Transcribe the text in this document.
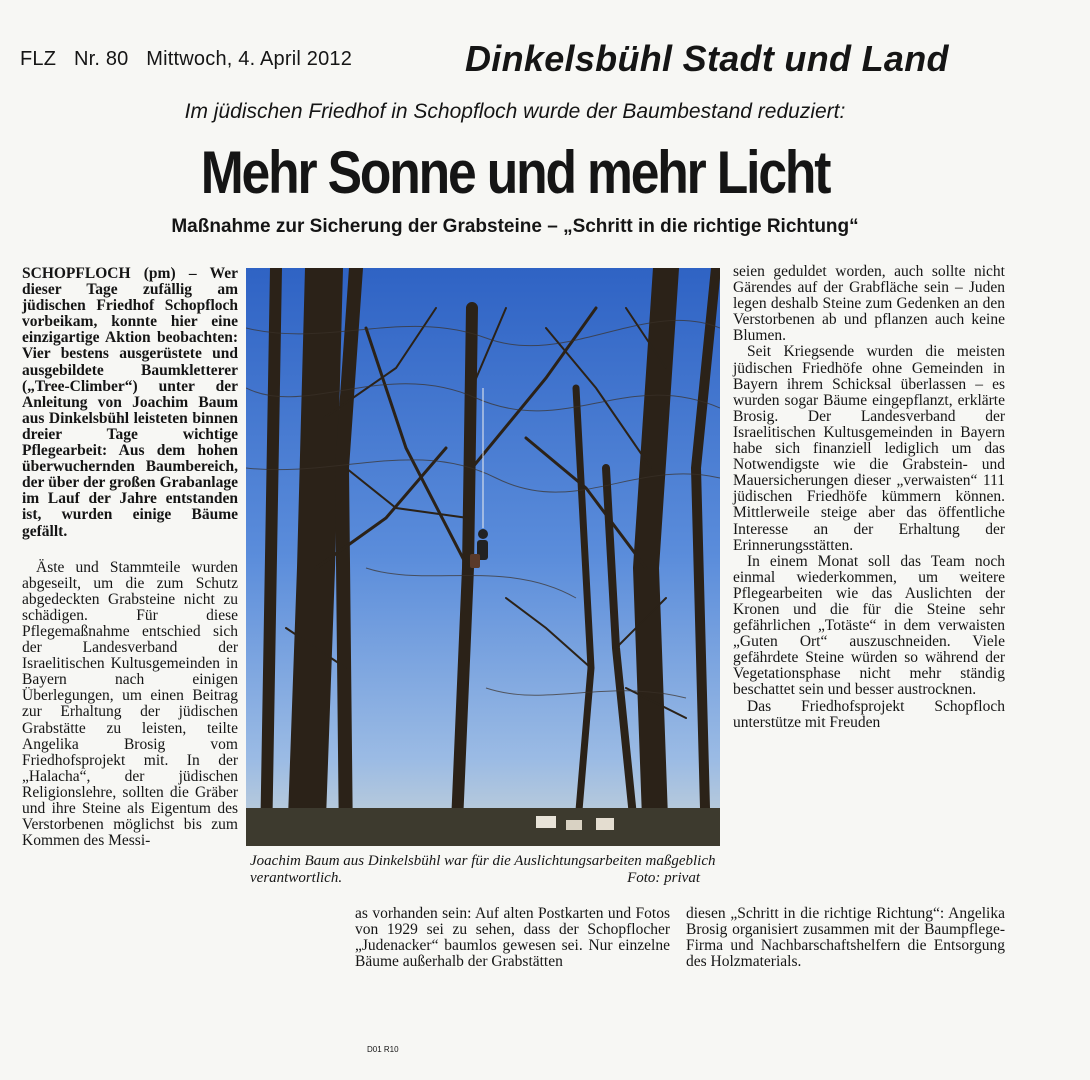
FLZ Nr. 80 Mittwoch, 4. April 2012	Dinkelsbühl Stadt und Land
Im jüdischen Friedhof in Schopfloch wurde der Baumbestand reduziert:
Mehr Sonne und mehr Licht
Maßnahme zur Sicherung der Grabsteine – „Schritt in die richtige Richtung“

SCHOPFLOCH (pm) – Wer dieser Tage zufällig am jüdischen Friedhof Schopfloch vorbeikam, konnte hier eine einzigartige Aktion beobachten: Vier bestens ausgerüstete und ausgebildete Baumkletterer („Tree-Climber“) unter der Anleitung von Joachim Baum aus Dinkelsbühl leisteten binnen dreier Tage wichtige Pflegearbeit: Aus dem hohen überwuchernden Baumbereich, der über der großen Grabanlage im Lauf der Jahre entstanden ist, wurden einige Bäume gefällt.

Äste und Stammteile wurden abgeseilt, um die zum Schutz abgedeckten Grabsteine nicht zu schädigen. Für diese Pflegemaßnahme entschied sich der Landesverband der Israelitischen Kultusgemeinden in Bayern nach einigen Überlegungen, um einen Beitrag zur Erhaltung der jüdischen Grabstätte zu leisten, teilte Angelika Brosig vom Friedhofsprojekt mit. In der „Halacha“, der jüdischen Religionslehre, sollten die Gräber und ihre Steine als Eigentum des Verstorbenen möglichst bis zum Kommen des Messi-

Joachim Baum aus Dinkelsbühl war für die Auslichtungsarbeiten maßgeblich verantwortlich.	Foto: privat

seien geduldet worden, auch sollte nicht Gärendes auf der Grabfläche sein – Juden legen deshalb Steine zum Gedenken an den Verstorbenen ab und pflanzen auch keine Blumen.

Seit Kriegsende wurden die meisten jüdischen Friedhöfe ohne Gemeinden in Bayern ihrem Schicksal überlassen – es wurden sogar Bäume eingepflanzt, erklärte Brosig. Der Landesverband der Israelitischen Kultusgemeinden in Bayern habe sich finanziell lediglich um das Notwendigste wie die Grabstein- und Mauersicherungen dieser „verwaisten“ 111 jüdischen Friedhöfe kümmern können. Mittlerweile steige aber das öffentliche Interesse an der Erhaltung der Erinnerungsstätten.

In einem Monat soll das Team noch einmal wiederkommen, um weitere Pflegearbeiten wie das Auslichten der Kronen und die für die Steine sehr gefährlichen „Totäste“ in dem verwaisten „Guten Ort“ auszuschneiden. Viele gefährdete Steine würden so während der Vegetationsphase nicht mehr ständig beschattet sein und besser austrocknen.

Das Friedhofsprojekt Schopfloch unterstütze mit Freuden

as vorhanden sein: Auf alten Postkarten und Fotos von 1929 sei zu sehen, dass der Schopflocher „Judenacker“ baumlos gewesen sei. Nur einzelne Bäume außerhalb der Grabstätten

diesen „Schritt in die richtige Richtung“: Angelika Brosig organisiert zusammen mit der Baumpflege-Firma und Nachbarschaftshelfern die Entsorgung des Holzmaterials.

D01 R10
